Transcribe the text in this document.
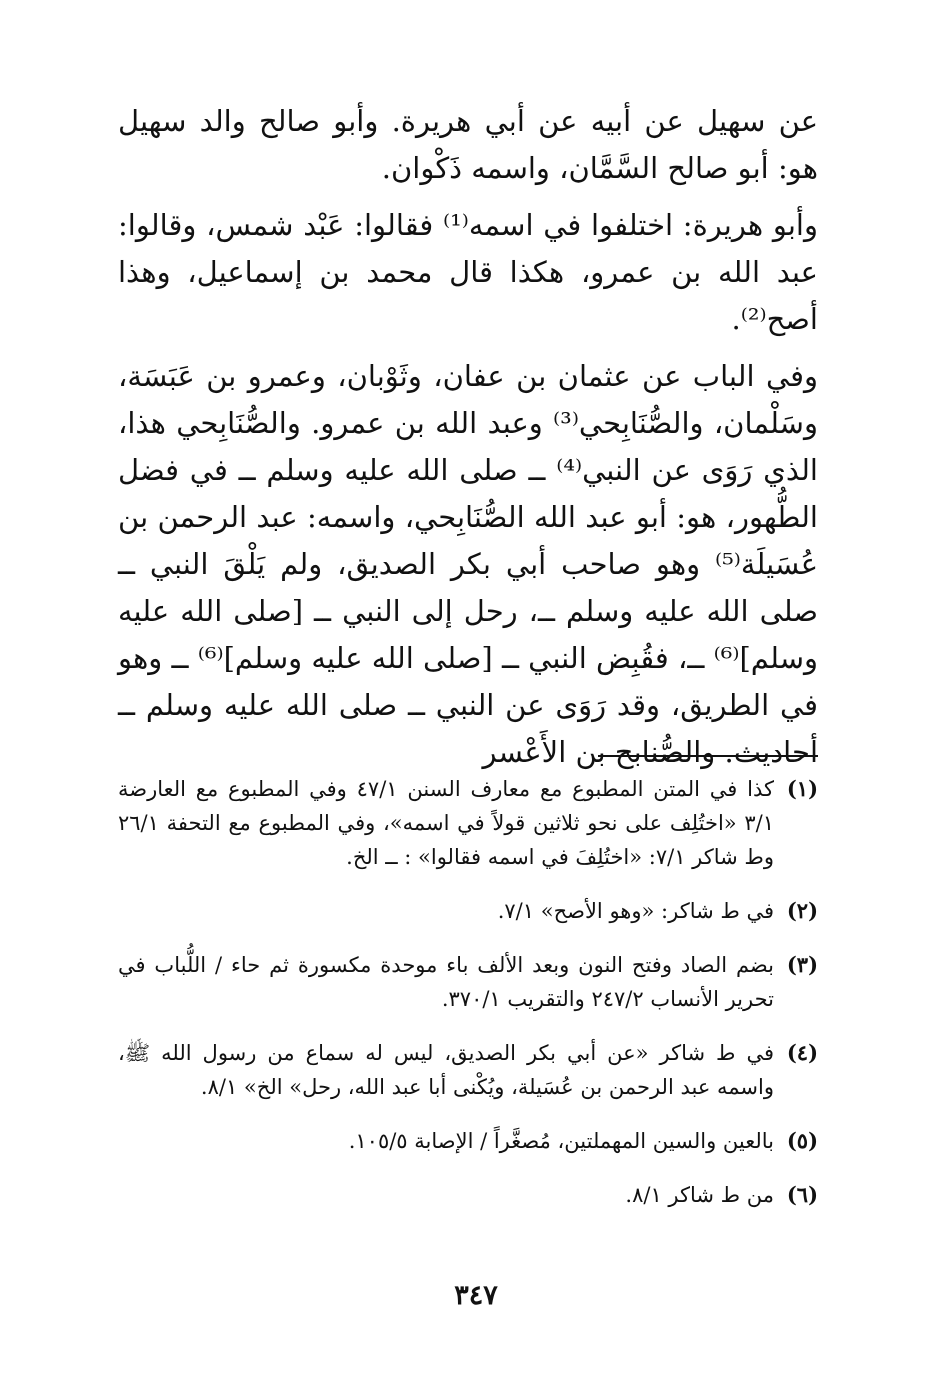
عن سهيل عن أبيه عن أبي هريرة. وأبو صالح والد سهيل هو: أبو صالح السَّمَّان، واسمه ذَكْوان.

وأبو هريرة: اختلفوا في اسمه⁽¹⁾ فقالوا: عَبْد شمس، وقالوا: عبد الله بن عمرو، هكذا قال محمد بن إسماعيل، وهذا أصح⁽²⁾.

وفي الباب عن عثمان بن عفان، وثَوْبان، وعمرو بن عَبَسَة، وسَلْمان، والصُّنَابِحي⁽³⁾ وعبد الله بن عمرو. والصُّنَابِحي هذا، الذي رَوَى عن النبي⁽⁴⁾ ــ صلى الله عليه وسلم ــ في فضل الطُّهور، هو: أبو عبد الله الصُّنَابِحي، واسمه: عبد الرحمن بن عُسَيلَة⁽⁵⁾ وهو صاحب أبي بكر الصديق، ولم يَلْقَ النبي ــ صلى الله عليه وسلم ــ، رحل إلى النبي ــ [صلى الله عليه وسلم]⁽⁶⁾ ــ، فقُبِض النبي ــ [صلى الله عليه وسلم]⁽⁶⁾ ــ وهو في الطريق، وقد رَوَى عن النبي ــ صلى الله عليه وسلم ــ أحاديث. والصُّنابح بن الأَعْسر

(١)
كذا في المتن المطبوع مع معارف السنن ٤٧/١ وفي المطبوع مع العارضة ٣/١ «اختُلِف على نحو ثلاثين قولاً في اسمه»، وفي المطبوع مع التحفة ٢٦/١ وط شاكر ٧/١: «اختُلِفَ في اسمه فقالوا» : ــ الخ.
(٢)
في ط شاكر: «وهو الأصح» ٧/١.
(٣)
بضم الصاد وفتح النون وبعد الألف باء موحدة مكسورة ثم حاء / اللُّباب في تحرير الأنساب ٢٤٧/٢ والتقريب ٣٧٠/١.
(٤)
في ط شاكر «عن أبي بكر الصديق، ليس له سماع من رسول الله ﷺ، واسمه عبد الرحمن بن عُسَيلة، ويُكْنى أبا عبد الله، رحل» الخ» ٨/١.
(٥)
بالعين والسين المهملتين، مُصغَّراً / الإصابة ١٠٥/٥.
(٦)
من ط شاكر ٨/١.
٣٤٧
